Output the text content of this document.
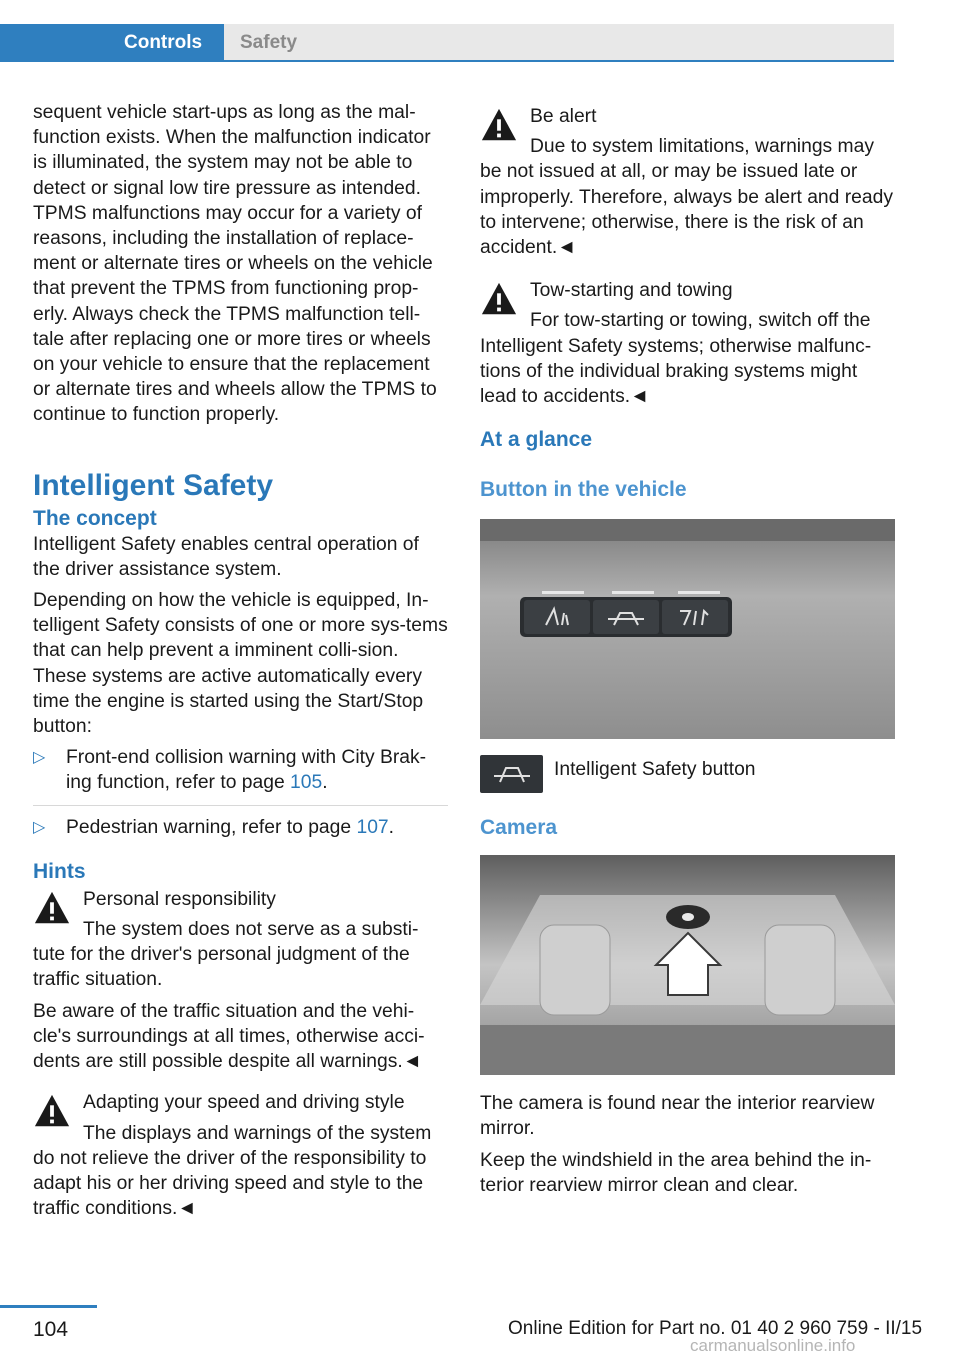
Controls Safety

sequent vehicle start-ups as long as the mal‐function exists. When the malfunction indicator is illuminated, the system may not be able to detect or signal low tire pressure as intended. TPMS malfunctions may occur for a variety of reasons, including the installation of replace‐ment or alternate tires or wheels on the vehicle that prevent the TPMS from functioning prop‐erly. Always check the TPMS malfunction tell‐tale after replacing one or more tires or wheels on your vehicle to ensure that the replacement or alternate tires and wheels allow the TPMS to continue to function properly.

Intelligent Safety
The concept

Intelligent Safety enables central operation of the driver assistance system.

Depending on how the vehicle is equipped, In‐telligent Safety consists of one or more sys‐tems that can help prevent a imminent colli‐sion. These systems are active automatically every time the engine is started using the Start/Stop button:

▷ Front-end collision warning with City Brak‐ing function, refer to page 105.
▷ Pedestrian warning, refer to page 107.
Hints
Personal responsibility
The system does not serve as a substi‐tute for the driver's personal judgment of the traffic situation.

Be aware of the traffic situation and the vehi‐cle's surroundings at all times, otherwise acci‐dents are still possible despite all warnings.◄

Adapting your speed and driving style
The displays and warnings of the system do not relieve the driver of the responsibility to adapt his or her driving speed and style to the traffic conditions.◄
Be alert
Due to system limitations, warnings may be not issued at all, or may be issued late or improperly. Therefore, always be alert and ready to intervene; otherwise, there is the risk of an accident.◄
Tow-starting and towing
For tow-starting or towing, switch off the Intelligent Safety systems; otherwise malfunc‐tions of the individual braking systems might lead to accidents.◄
At a glance
Button in the vehicle
Intelligent Safety button
Camera

The camera is found near the interior rearview mirror.

Keep the windshield in the area behind the in‐terior rearview mirror clean and clear.

104	Online Edition for Part no. 01 40 2 960 759 - II/15
carmanualsonline.info
